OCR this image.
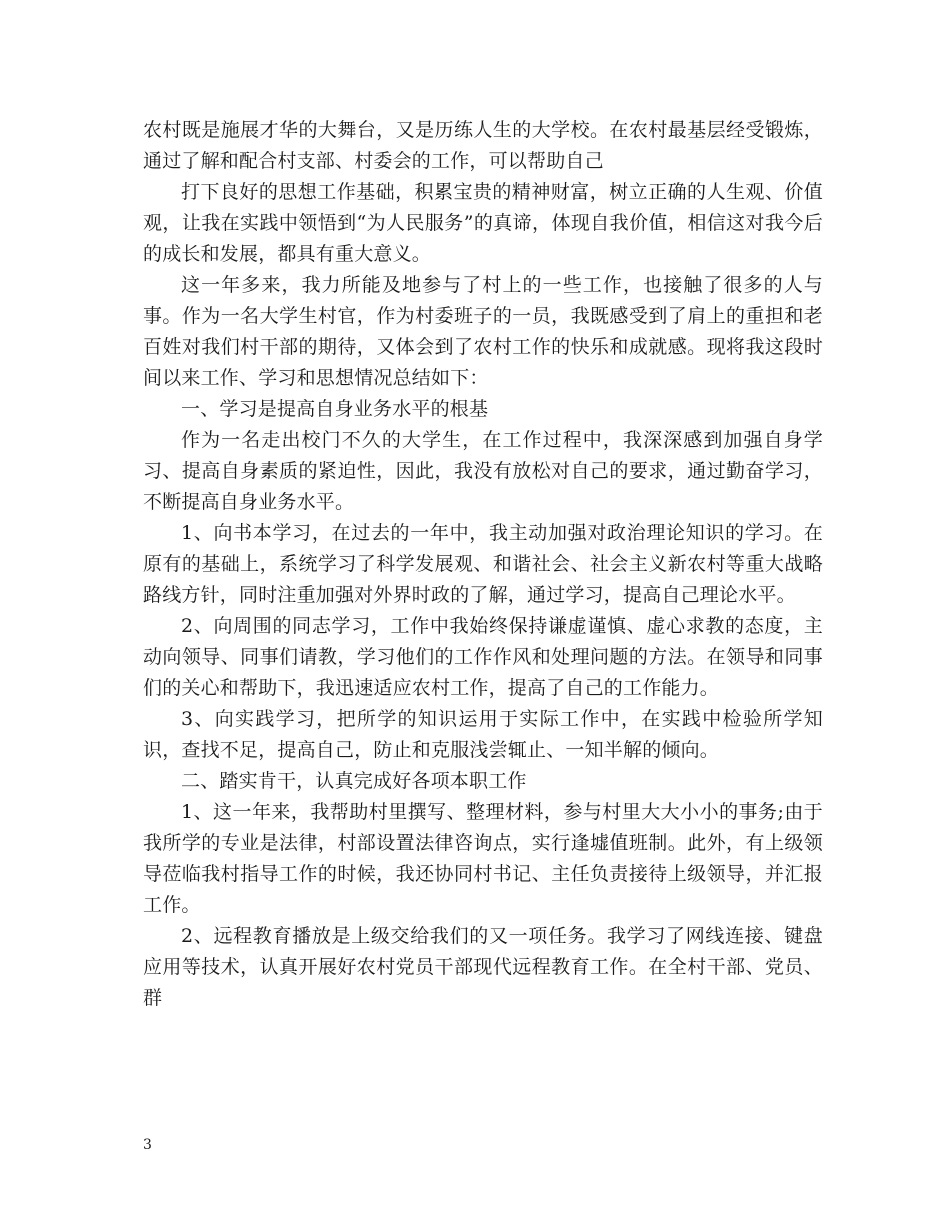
农村既是施展才华的大舞台，又是历练人生的大学校。在农村最基层经受锻炼，通过了解和配合村支部、村委会的工作，可以帮助自己

打下良好的思想工作基础，积累宝贵的精神财富，树立正确的人生观、价值观，让我在实践中领悟到“为人民服务”的真谛，体现自我价值，相信这对我今后的成长和发展，都具有重大意义。

这一年多来，我力所能及地参与了村上的一些工作，也接触了很多的人与事。作为一名大学生村官，作为村委班子的一员，我既感受到了肩上的重担和老百姓对我们村干部的期待，又体会到了农村工作的快乐和成就感。现将我这段时间以来工作、学习和思想情况总结如下：

一、学习是提高自身业务水平的根基

作为一名走出校门不久的大学生，在工作过程中，我深深感到加强自身学习、提高自身素质的紧迫性，因此，我没有放松对自己的要求，通过勤奋学习，不断提高自身业务水平。

1、向书本学习，在过去的一年中，我主动加强对政治理论知识的学习。在原有的基础上，系统学习了科学发展观、和谐社会、社会主义新农村等重大战略路线方针，同时注重加强对外界时政的了解，通过学习，提高自己理论水平。

2、向周围的同志学习，工作中我始终保持谦虚谨慎、虚心求教的态度，主动向领导、同事们请教，学习他们的工作作风和处理问题的方法。在领导和同事们的关心和帮助下，我迅速适应农村工作，提高了自己的工作能力。

3、向实践学习，把所学的知识运用于实际工作中，在实践中检验所学知识，查找不足，提高自己，防止和克服浅尝辄止、一知半解的倾向。

二、踏实肯干，认真完成好各项本职工作

1、这一年来，我帮助村里撰写、整理材料，参与村里大大小小的事务;由于我所学的专业是法律，村部设置法律咨询点，实行逢墟值班制。此外，有上级领导莅临我村指导工作的时候，我还协同村书记、主任负责接待上级领导，并汇报工作。

2、远程教育播放是上级交给我们的又一项任务。我学习了网线连接、键盘应用等技术，认真开展好农村党员干部现代远程教育工作。在全村干部、党员、群

3
